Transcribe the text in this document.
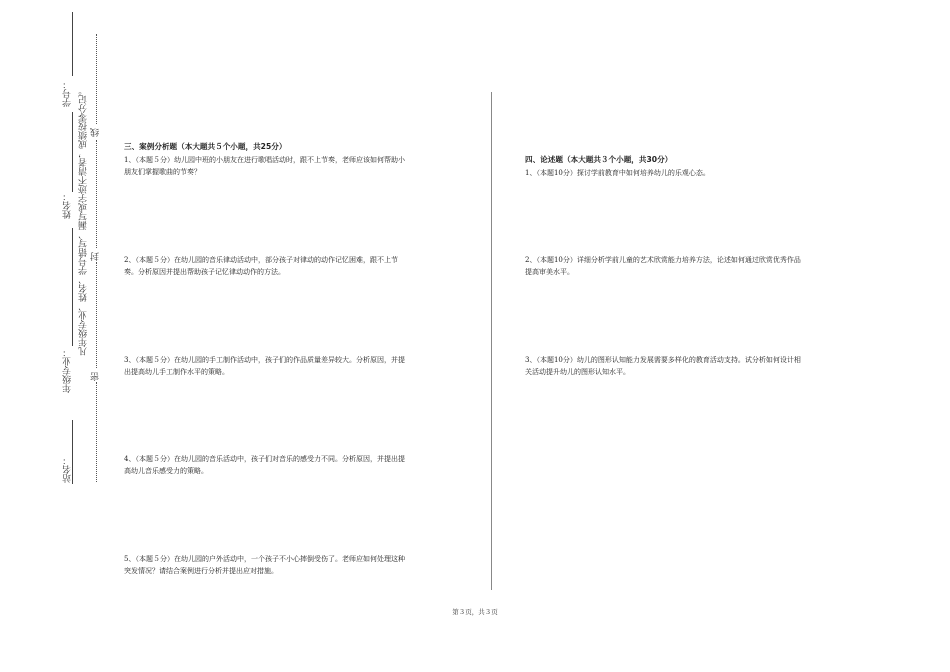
站名：
年级专业：
姓名：
学号： 凡年级专业、姓名、学号错写、漏写或字迹不清者，成绩按零分记。
密
封
线
三、案例分析题（本大题共５个小题，共25分）
1、（本题５分）幼儿园中班的小朋友在进行歌唱活动时，跟不上节奏，老师应该如何帮助小
朋友们掌握歌曲的节奏？
2、（本题５分）在幼儿园的音乐律动活动中，部分孩子对律动的动作记忆困难，跟不上节
奏。分析原因并提出帮助孩子记忆律动动作的方法。
3、（本题５分）在幼儿园的手工制作活动中，孩子们的作品质量差异较大。分析原因，并提
出提高幼儿手工制作水平的策略。
4、（本题５分）在幼儿园的音乐活动中，孩子们对音乐的感受力不同。分析原因，并提出提
高幼儿音乐感受力的策略。
5、（本题５分）在幼儿园的户外活动中，一个孩子不小心摔倒受伤了。老师应如何处理这种
突发情况？请结合案例进行分析并提出应对措施。
四、论述题（本大题共３个小题，共30分）
1、（本题10分）探讨学前教育中如何培养幼儿的乐观心态。
2、（本题10分）详细分析学前儿童的艺术欣赏能力培养方法，论述如何通过欣赏优秀作品
提高审美水平。
3、（本题10分）幼儿的图形认知能力发展需要多样化的教育活动支持。试分析如何设计相
关活动提升幼儿的图形认知水平。
第３页，共３页
